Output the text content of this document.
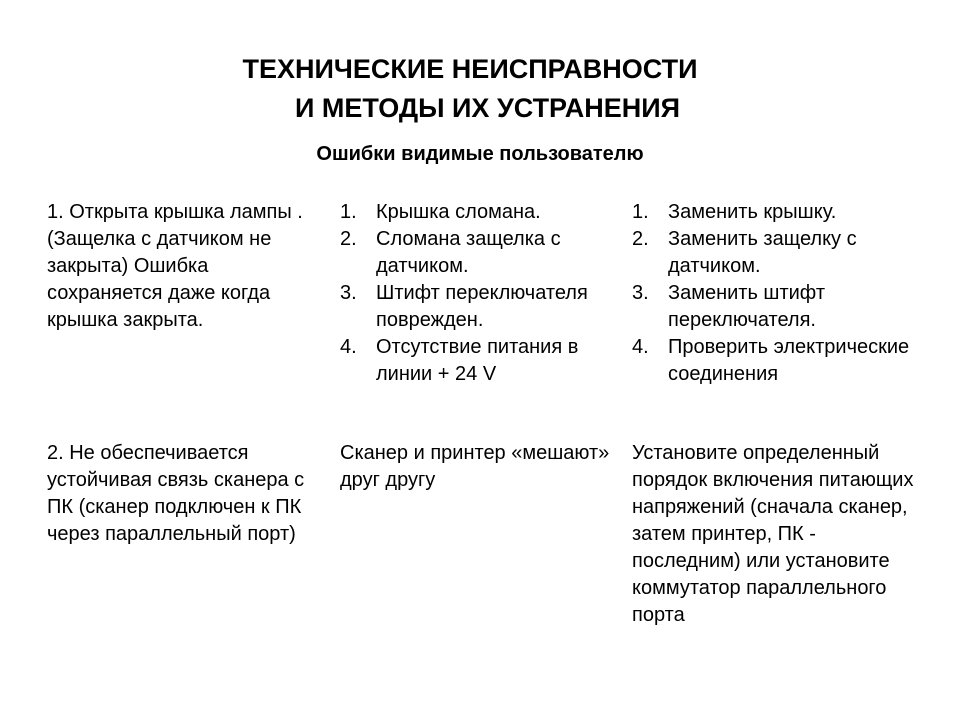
ТЕХНИЧЕСКИЕ НЕИСПРАВНОСТИ
И МЕТОДЫ ИХ УСТРАНЕНИЯ
Ошибки видимые пользователю
1. Открыта крышка лампы . (Защелка с датчиком не закрыта) Ошибка сохраняется даже когда крышка закрыта.
1. Крышка сломана.
2. Сломана защелка с датчиком.
3. Штифт переключателя поврежден.
4. Отсутствие питания в линии + 24 V
1. Заменить крышку.
2. Заменить защелку с датчиком.
3. Заменить штифт переключателя.
4. Проверить электрические соединения
2. Не обеспечивается устойчивая связь сканера с ПК (сканер подключен к ПК через параллельный порт)
Сканер и принтер «мешают» друг другу
Установите определенный порядок включения питающих напряжений (сначала сканер, затем принтер, ПК - последним) или установите коммутатор параллельного порта
